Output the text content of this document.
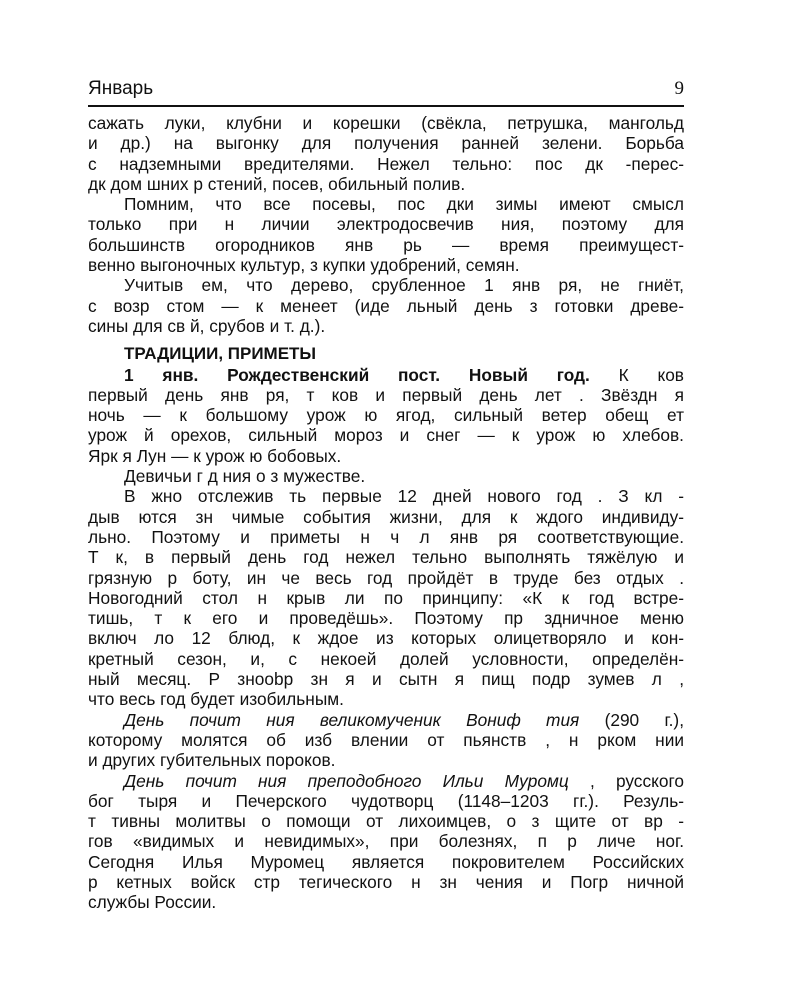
Январь	9

сажать луки, клубни и корешки (свёкла, петрушка, мангольд
и др.) на выгонку для получения ранней зелени. Борьба
с надземными вредителями. Нежел тельно: пос дк -перес-
дк дом шних р стений, посев, обильный полив.

Помним, что все посевы, пос дки зимы имеют смысл
только при н личии электродосвечив ния, поэтому для
большинств огородников янв рь — время преимущест-
венно выгоночных культур, з купки удобрений, семян.

Учитыв ем, что дерево, срубленное 1 янв ря, не гниёт,
с возр стом — к менеет (иде льный день з готовки древе-
сины для св й, срубов и т. д.).

ТРАДИЦИИ, ПРИМЕТЫ

1 янв. Рождественский пост. Новый год. К ков
первый день янв ря, т ков и первый день лет . Звёздн я
ночь — к большому урож ю ягод, сильный ветер обещ ет
урож й орехов, сильный мороз и снег — к урож ю хлебов.
Ярк я Лун — к урож ю бобовых.

Девичьи г д ния о з мужестве.

В жно отслежив ть первые 12 дней нового год . З кл -
дыв ются зн чимые события жизни, для к ждого индивиду-
льно. Поэтому и приметы н ч л янв ря соответствующие.
Т к, в первый день год нежел тельно выполнять тяжёлую и
грязную р боту, ин че весь год пройдёт в труде без отдых .
Новогодний стол н крыв ли по принципу: «К к год встре-
тишь, т к его и проведёшь». Поэтому пр здничное меню
включ ло 12 блюд, к ждое из которых олицетворяло и кон-
кретный сезон, и, с некоей долей условности, определён-
ный месяц. Р зноobр зн я и сытн я пищ подр зумев л ,
что весь год будет изобильным.

День почит ния великомученик Вониф тия (290 г.),
которому молятся об изб влении от пьянств , н рком нии
и других губительных пороков.

День почит ния преподобного Ильи Муромц , русского
бог тыря и Печерского чудотворц (1148–1203 гг.). Резуль-
т тивны молитвы о помощи от лихоимцев, о з щите от вр -
гов «видимых и невидимых», при болезнях, п р личе ног.
Сегодня Илья Муромец является покровителем Российских
р кетных войск стр тегического н зн чения и Погр ничной
службы России.
